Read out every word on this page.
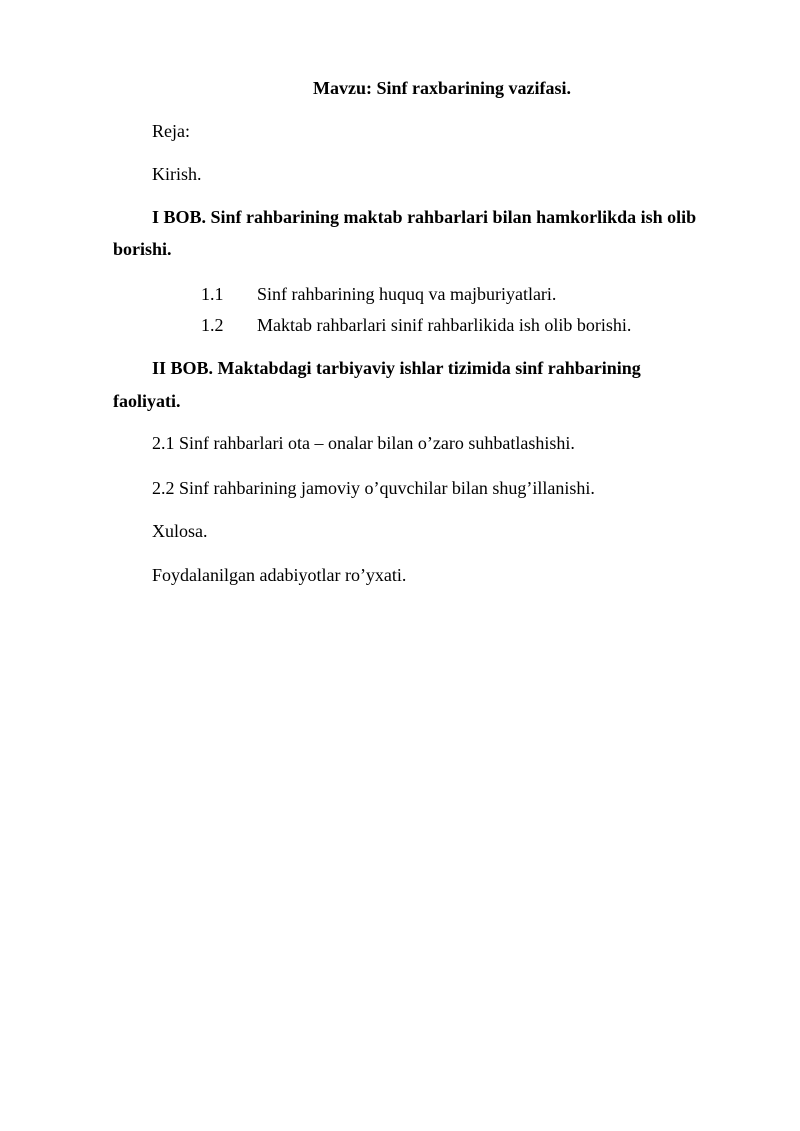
Mavzu: Sinf raxbarining vazifasi.
Reja:
Kirish.
I BOB. Sinf rahbarining maktab rahbarlari bilan hamkorlikda ish olib
borishi.
1.1 Sinf rahbarining huquq va majburiyatlari.
1.2 Maktab rahbarlari sinif rahbarlikida ish olib borishi.
II BOB. Maktabdagi tarbiyaviy ishlar tizimida sinf rahbarining
faoliyati.
2.1 Sinf rahbarlari ota – onalar bilan o’zaro suhbatlashishi.
2.2 Sinf rahbarining jamoviy o’quvchilar bilan shug’illanishi.
Xulosa.
Foydalanilgan adabiyotlar ro’yxati.
